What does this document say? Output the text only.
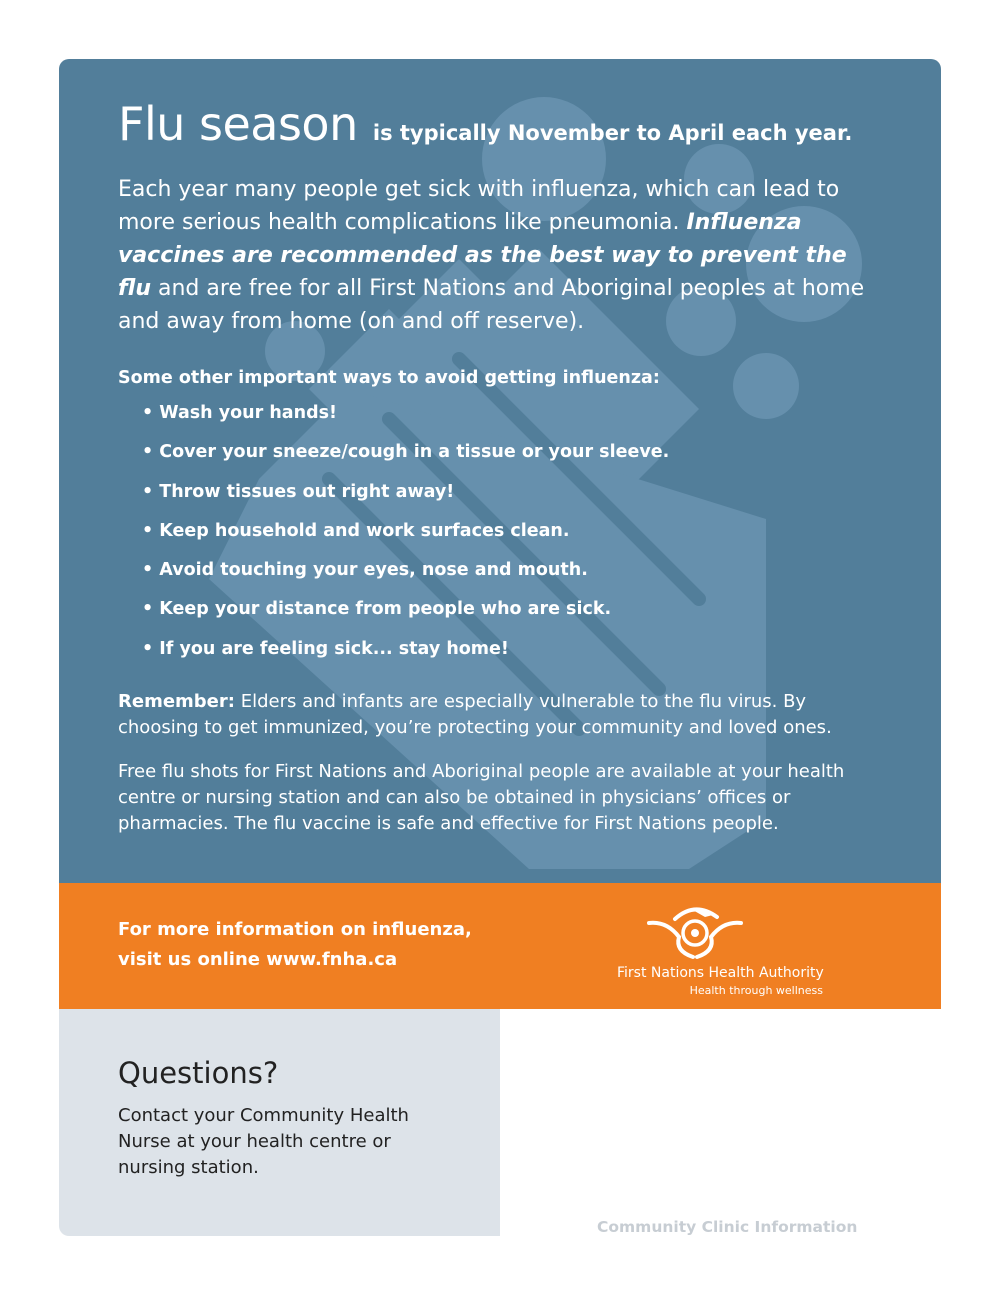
Flu season is typically November to April each year.

Each year many people get sick with influenza, which can lead to more serious health complications like pneumonia. Influenza vaccines are recommended as the best way to prevent the flu and are free for all First Nations and Aboriginal peoples at home and away from home (on and off reserve).

Some other important ways to avoid getting influenza:

• Wash your hands!
• Cover your sneeze/cough in a tissue or your sleeve.
• Throw tissues out right away!
• Keep household and work surfaces clean.
• Avoid touching your eyes, nose and mouth.
• Keep your distance from people who are sick.
• If you are feeling sick... stay home!

Remember: Elders and infants are especially vulnerable to the flu virus. By choosing to get immunized, you’re protecting your community and loved ones.

Free flu shots for First Nations and Aboriginal people are available at your health centre or nursing station and can also be obtained in physicians’ offices or pharmacies. The flu vaccine is safe and effective for First Nations people.

For more information on influenza,
visit us online www.fnha.ca
First Nations Health Authority
Health through wellness
Questions?

Contact your Community Health Nurse at your health centre or nursing station.

Community Clinic Information
